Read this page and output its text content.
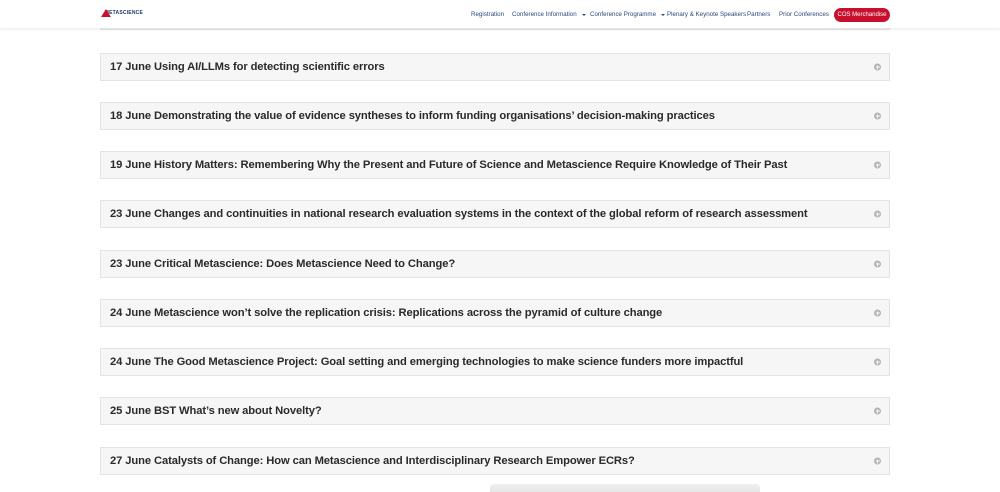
METASCIENCE	Registration Conference Information Conference Programme Plenary & Keynote Speakers Partners Prior Conferences	COS Merchandise
17 June Using AI/LLMs for detecting scientific errors
18 June Demonstrating the value of evidence syntheses to inform funding organisations’ decision-making practices
19 June History Matters: Remembering Why the Present and Future of Science and Metascience Require Knowledge of Their Past
23 June Changes and continuities in national research evaluation systems in the context of the global reform of research assessment
23 June Critical Metascience: Does Metascience Need to Change?
24 June Metascience won’t solve the replication crisis: Replications across the pyramid of culture change
24 June The Good Metascience Project: Goal setting and emerging technologies to make science funders more impactful
25 June BST What’s new about Novelty?
27 June Catalysts of Change: How can Metascience and Interdisciplinary Research Empower ECRs?
